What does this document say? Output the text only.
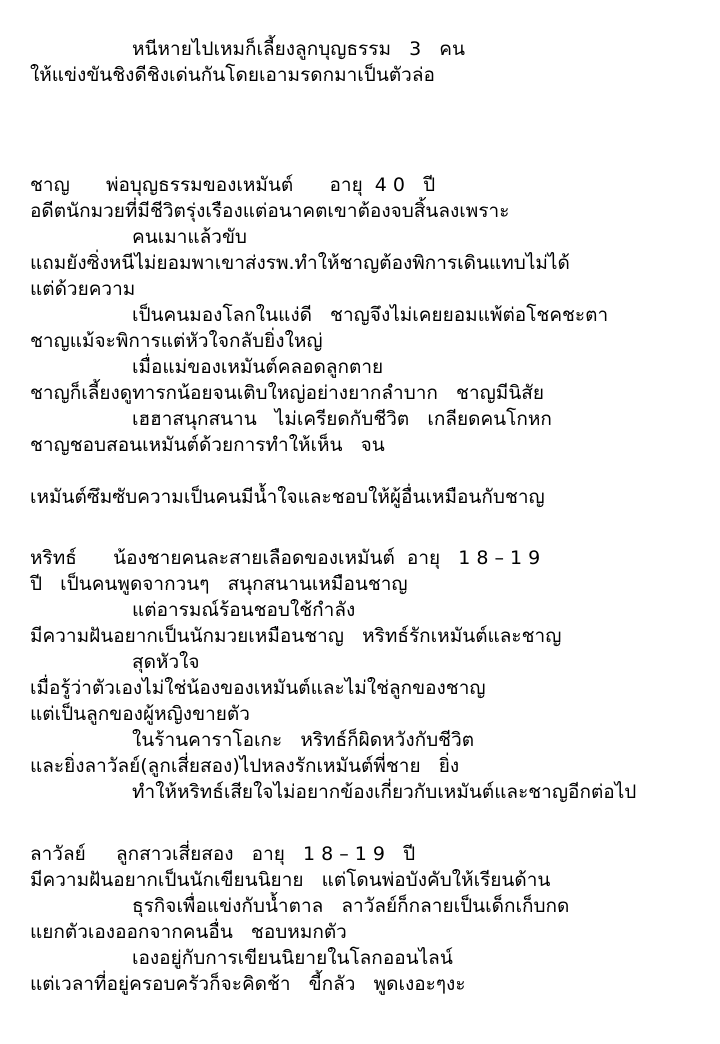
หนีหายไปเหมก็เลี้ยงลูกบุญธรรม   3   คน
ให้แข่งขันชิงดีชิงเด่นกันโดยเอามรดกมาเป็นตัวล่อ
ชาญ      พ่อบุญธรรมของเหมันต์      อายุ  4 0   ปี
อดีตนักมวยที่มีชีวิตรุ่งเรืองแต่อนาคตเขาต้องจบสิ้นลงเพราะ
คนเมาแล้วขับ
แถมยังซิ่งหนีไม่ยอมพาเขาส่งรพ.ทำให้ชาญต้องพิการเดินแทบไม่ได้
แต่ด้วยความ
เป็นคนมองโลกในแง่ดี   ชาญจึงไม่เคยยอมแพ้ต่อโชคชะตา
ชาญแม้จะพิการแต่หัวใจกลับยิ่งใหญ่
เมื่อแม่ของเหมันต์คลอดลูกตาย
ชาญก็เลี้ยงดูทารกน้อยจนเติบใหญ่อย่างยากลำบาก   ชาญมีนิสัย
เฮฮาสนุกสนาน   ไม่เครียดกับชีวิต   เกลียดคนโกหก
ชาญชอบสอนเหมันต์ด้วยการทำให้เห็น   จน
เหมันต์ซึมซับความเป็นคนมีน้ำใจและชอบให้ผู้อื่นเหมือนกับชาญ
หริทธ์      น้องชายคนละสายเลือดของเหมันต์  อายุ   1 8 – 1 9
ปี   เป็นคนพูดจากวนๆ   สนุกสนานเหมือนชาญ
แต่อารมณ์ร้อนชอบใช้กำลัง
มีความฝันอยากเป็นนักมวยเหมือนชาญ   หริทธ์รักเหมันต์และชาญ
สุดหัวใจ
เมื่อรู้ว่าตัวเองไม่ใช่น้องของเหมันต์และไม่ใช่ลูกของชาญ
แต่เป็นลูกของผู้หญิงขายตัว
ในร้านคาราโอเกะ   หริทธ์ก็ผิดหวังกับชีวิต
และยิ่งลาวัลย์(ลูกเสี่ยสอง)ไปหลงรักเหมันต์พี่ชาย   ยิ่ง
ทำให้หริทธ์เสียใจไม่อยากข้องเกี่ยวกับเหมันต์และชาญอีกต่อไป
ลาวัลย์     ลูกสาวเสี่ยสอง   อายุ   1 8 – 1 9   ปี
มีความฝันอยากเป็นนักเขียนนิยาย   แต่โดนพ่อบังคับให้เรียนด้าน
ธุรกิจเพื่อแข่งกับน้ำตาล   ลาวัลย์ก็กลายเป็นเด็กเก็บกด
แยกตัวเองออกจากคนอื่น   ชอบหมกตัว
เองอยู่กับการเขียนนิยายในโลกออนไลน์
แต่เวลาที่อยู่ครอบครัวก็จะคิดช้า   ขี้กลัว   พูดเงอะๆงะ
